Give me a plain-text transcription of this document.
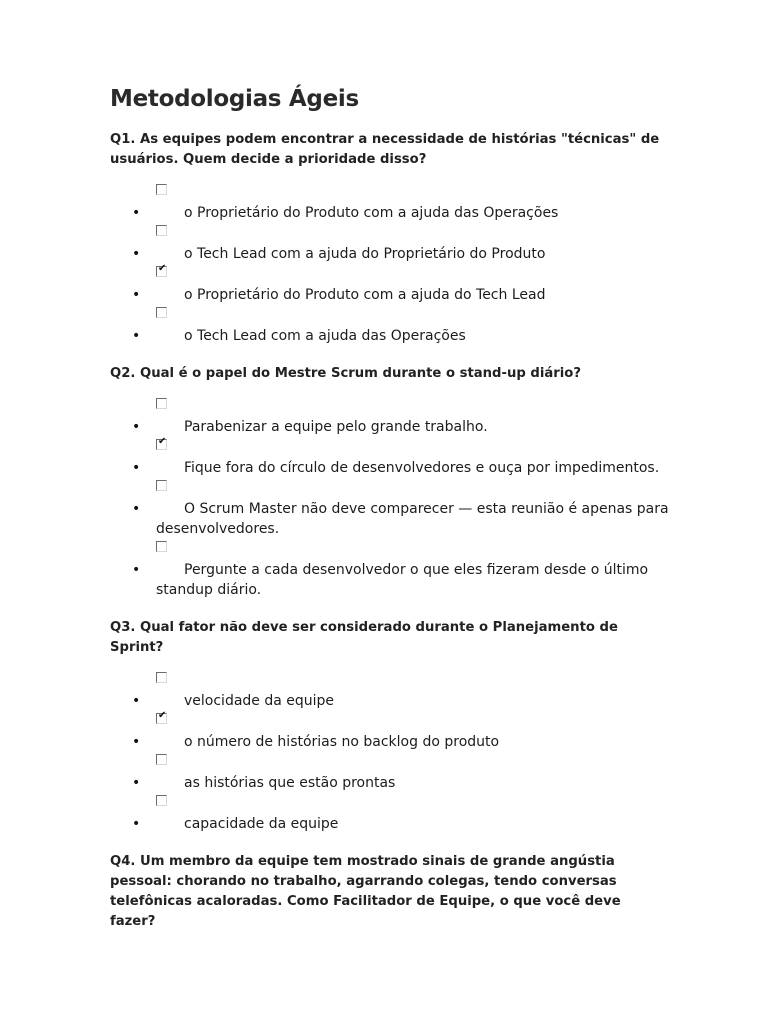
Metodologias Ágeis

Q1. As equipes podem encontrar a necessidade de histórias "técnicas" de usuários. Quem decide a prioridade disso?

•	o Proprietário do Produto com a ajuda das Operações
•	o Tech Lead com a ajuda do Proprietário do Produto
✔
•	o Proprietário do Produto com a ajuda do Tech Lead
•	o Tech Lead com a ajuda das Operações

Q2. Qual é o papel do Mestre Scrum durante o stand-up diário?

•	Parabenizar a equipe pelo grande trabalho.
✔
•	Fique fora do círculo de desenvolvedores e ouça por impedimentos.
•	O Scrum Master não deve comparecer — esta reunião é apenas para desenvolvedores.
•	Pergunte a cada desenvolvedor o que eles fizeram desde o último standup diário.

Q3. Qual fator não deve ser considerado durante o Planejamento de Sprint?

•	velocidade da equipe
✔
•	o número de histórias no backlog do produto
•	as histórias que estão prontas
•	capacidade da equipe

Q4. Um membro da equipe tem mostrado sinais de grande angústia pessoal: chorando no trabalho, agarrando colegas, tendo conversas telefônicas acaloradas. Como Facilitador de Equipe, o que você deve fazer?
